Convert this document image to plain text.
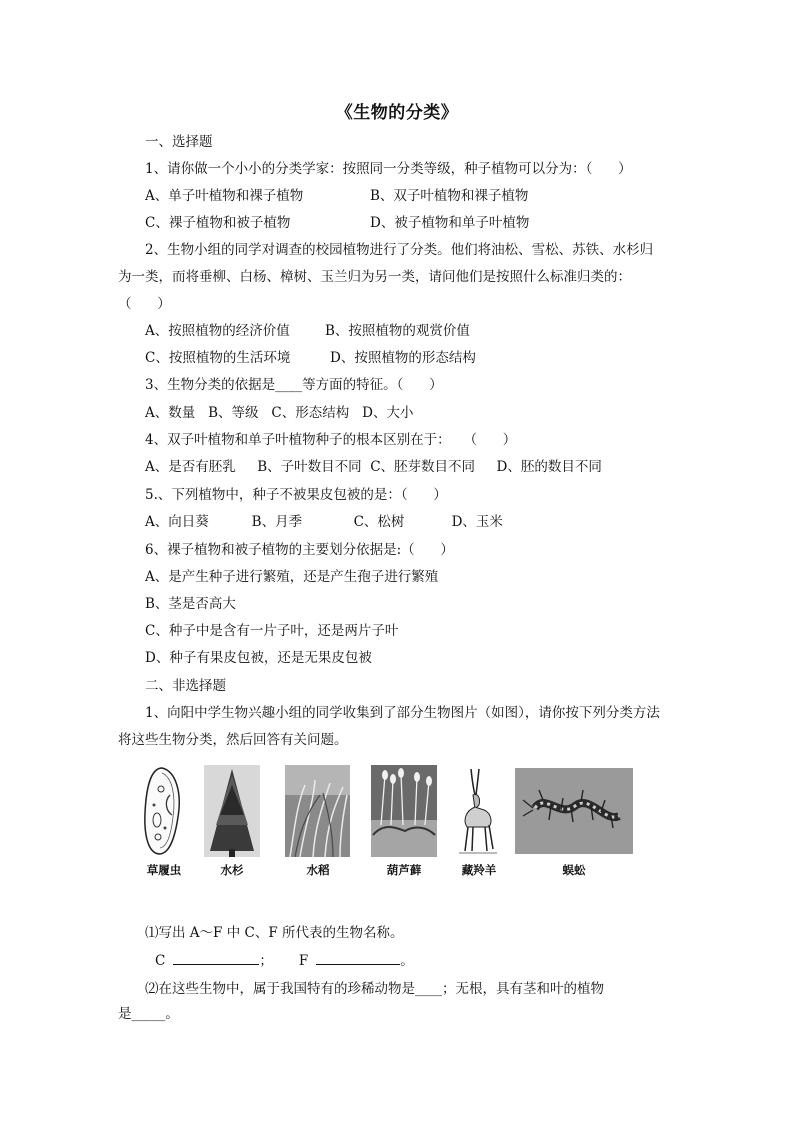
《生物的分类》
一、选择题
1、请你做一个小小的分类学家：按照同一分类等级，种子植物可以分为：（      ）
A、单子叶植物和裸子植物	B、双子叶植物和裸子植物
C、裸子植物和被子植物	D、被子植物和单子叶植物
2、生物小组的同学对调查的校园植物进行了分类。他们将油松、雪松、苏铁、水杉归
为一类，而将垂柳、白杨、樟树、玉兰归为另一类，请问他们是按照什么标准归类的：
（      ）
A、按照植物的经济价值	B、按照植物的观赏价值
C、按照植物的生活环境	D、按照植物的形态结构
3、生物分类的依据是____等方面的特征。（      ）
A、数量   B、等级   C、形态结构   D、大小
4、双子叶植物和单子叶植物种子的根本区别在于：   （      ）
A、是否有胚乳     B、子叶数目不同  C、胚芽数目不同     D、胚的数目不同
5.、下列植物中，种子不被果皮包被的是：（      ）
A、向日葵          B、月季            C、松树           D、玉米
6、裸子植物和被子植物的主要划分依据是:（      ）
A、是产生种子进行繁殖，还是产生孢子进行繁殖
B、茎是否高大
C、种子中是含有一片子叶，还是两片子叶
D、种子有果皮包被，还是无果皮包被
二、非选择题
1、向阳中学生物兴趣小组的同学收集到了部分生物图片（如图），请你按下列分类方法
将这些生物分类，然后回答有关问题。
草履虫	水杉	水稻	葫芦藓	藏羚羊	蜈蚣
⑴写出 A～F 中 C、F 所代表的生物名称。
C	； F	。
⑵在这些生物中，属于我国特有的珍稀动物是____；无根，具有茎和叶的植物
是_____。
